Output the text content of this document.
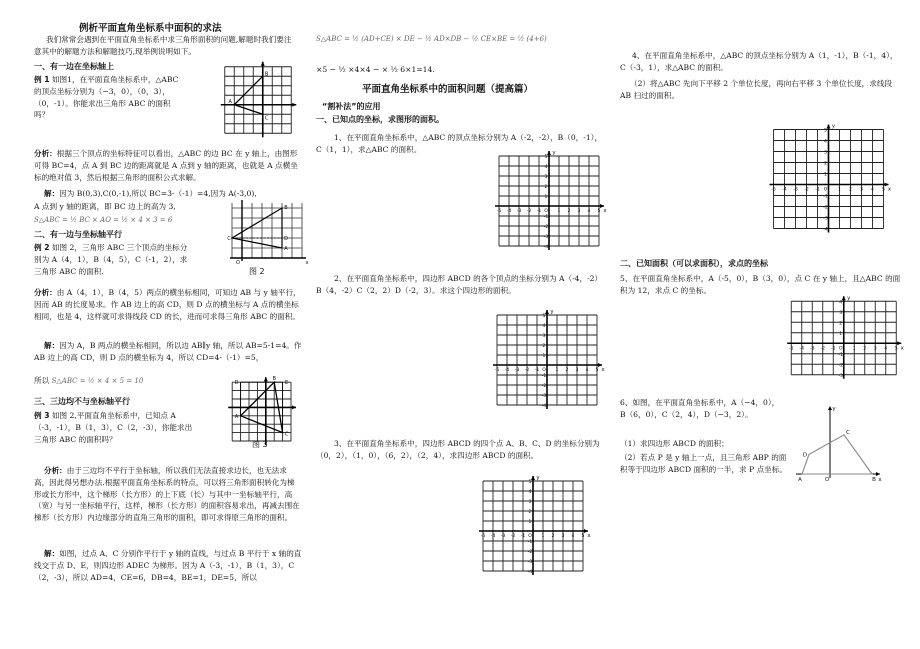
例析平面直角坐标系中面积的求法
我们常常会遇到在平面直角坐标系中求三角形面积的问题,解题时我们要注意其中的解题方法和解题技巧,现举例说明如下。
一、有一边在坐标轴上
例 1 如图1，在平面直角坐标系中，△ABC 的顶点坐标分别为（−3，0），（0，3），（0，-1）。你能求出三角形 ABC 的面积吗？
A
B
C
分析：根据三个顶点的坐标特征可以看出，△ABC 的边 BC 在 y 轴上，由图形可得 BC=4，点 A 到 BC 边的距离就是 A 点到 y 轴的距离，也就是 A 点横坐标的绝对值 3，然后根据三角形的面积公式求解。
解：因为 B(0,3),C(0,-1),所以 BC=3-（-1）=4,因为 A(-3,0),
A 点到 y 轴的距离，即 BC 边上的高为 3,
S△ABC = ½ BC × AO = ½ × 4 × 3 = 6
A
B
C	D
O	x
图 2
二、有一边与坐标轴平行
例 2 如图 2，三角形 ABC 三个顶点的坐标分别为 A（4，1），B（4，5），C（-1，2），求三角形 ABC 的面积.
分析：由 A（4，1），B（4，5）两点的横坐标相同，可知边 AB 与 y 轴平行，因而 AB 的长度易求。作 AB 边上的高 CD，则 D 点的横坐标与 A 点的横坐标相同，也是 4，这样就可求得线段 CD 的长，进而可求得三角形 ABC 的面积。
解：因为 A，B 两点的横坐标相同，所以边 AB∥y 轴，所以 AB=5-1=4。作 AB 边上的高 CD，则 D 点的横坐标为 4，所以 CD=4-（-1）=5，
所以 S△ABC = ½ × 4 × 5 = 10
A
B
C
D	E
图 3
三、三边均不与坐标轴平行
例 3 如图 2,平面直角坐标系中，已知点 A（-3，-1），B（1，3），C（2，-3），你能求出三角形 ABC 的面积吗？
分析：由于三边均不平行于坐标轴，所以我们无法直接求边长，也无法求高，因此得另想办法.根据平面直角坐标系的特点，可以将三角形面积转化为梯形或长方形中，这个梯形（长方形）的上下底（长）与其中一坐标轴平行，高（宽）与另一坐标轴平行，这样，梯形（长方形）的面积容易求出，再减去围在梯形（长方形）内边缘部分的直角三角形的面积，即可求得原三角形的面积。
解：如图，过点 A、C 分别作平行于 y 轴的直线，与过点 B 平行于 x 轴的直线交于点 D、E，则四边形 ADEC 为梯形。因为 A（-3，-1），B（1，3），C（2，-3），所以 AD=4，CE=6，DB=4，BE=1，DE=5，所以
S△ABC = ½ (AD+CE) × DE − ½ AD×DB − ½ CE×BE = ½ (4+6)
×5 − ½ ×4×4 − × ½ 6×1=14.
平面直角坐标系中的面积问题（提高篇）
“割补法”的应用
一、已知点的坐标，求图形的面积。
1、在平面直角坐标系中，△ABC 的顶点坐标分别为 A（-2，-2），B（0，-1），C（1，1），求△ABC 的面积。
x
y
-5 -4 -3 -2 -1	1 2 3 4 5
O
5
4
3
2
1
-1
-2
-3
-4
2、在平面直角坐标系中，四边形 ABCD 的各个顶点的坐标分别为 A（-4，-2）B（4，-2）C（2，2）D（-2，3）。求这个四边形的面积。
x
y
-5 -4 -3 -2 -1	1 2 3 4 5
O
5
4
3
2
1
-1
-2
-3
-4
3、在平面直角坐标系中，四边形 ABCD 的四个点 A、B、C、D 的坐标分别为（0，2），（1，0），（6，2），（2，4），求四边形 ABCD 的面积。
x
y
-5 -4 -3 -2 -1	1 2 3 4 5
O
5
4
3
2
1
-1
-2
-3
-4
4、在平面直角坐标系中，△ABC 的顶点坐标分别为 A（1，-1），B（-1，4），C（-3，1），求△ABC 的面积。
（2）将△ABC 先向下平移 2 个单位长度，再向右平移 3 个单位长度，求线段 AB 扫过的面积。
x
y
-5 -4 -3 -2 -1	1 2 3 4 5
O
5
4
3
2
1
-1
-2
-3
-4
二、已知面积（可以求面积），求点的坐标
5、在平面直角坐标系中，A（-5，0），B（3，0），点 C 在 y 轴上，且△ABC 的面积为 12，求点 C 的坐标。
x
y
-5 -4 -3 -2 -1	1 2 3 4 5
O
4
3
2
1
-1
-2
-3
6、如图，在平面直角坐标系中，A（−4，0），B（6，0），C（2，4），D（−3，2）。
（1）求四边形 ABCD 的面积；
（2）若点 P 是 y 轴上一点，且三角形 ABP 的面积等于四边形 ABCD 面积的一半，求 P 点坐标。
A	B
C
D
O
y
x
